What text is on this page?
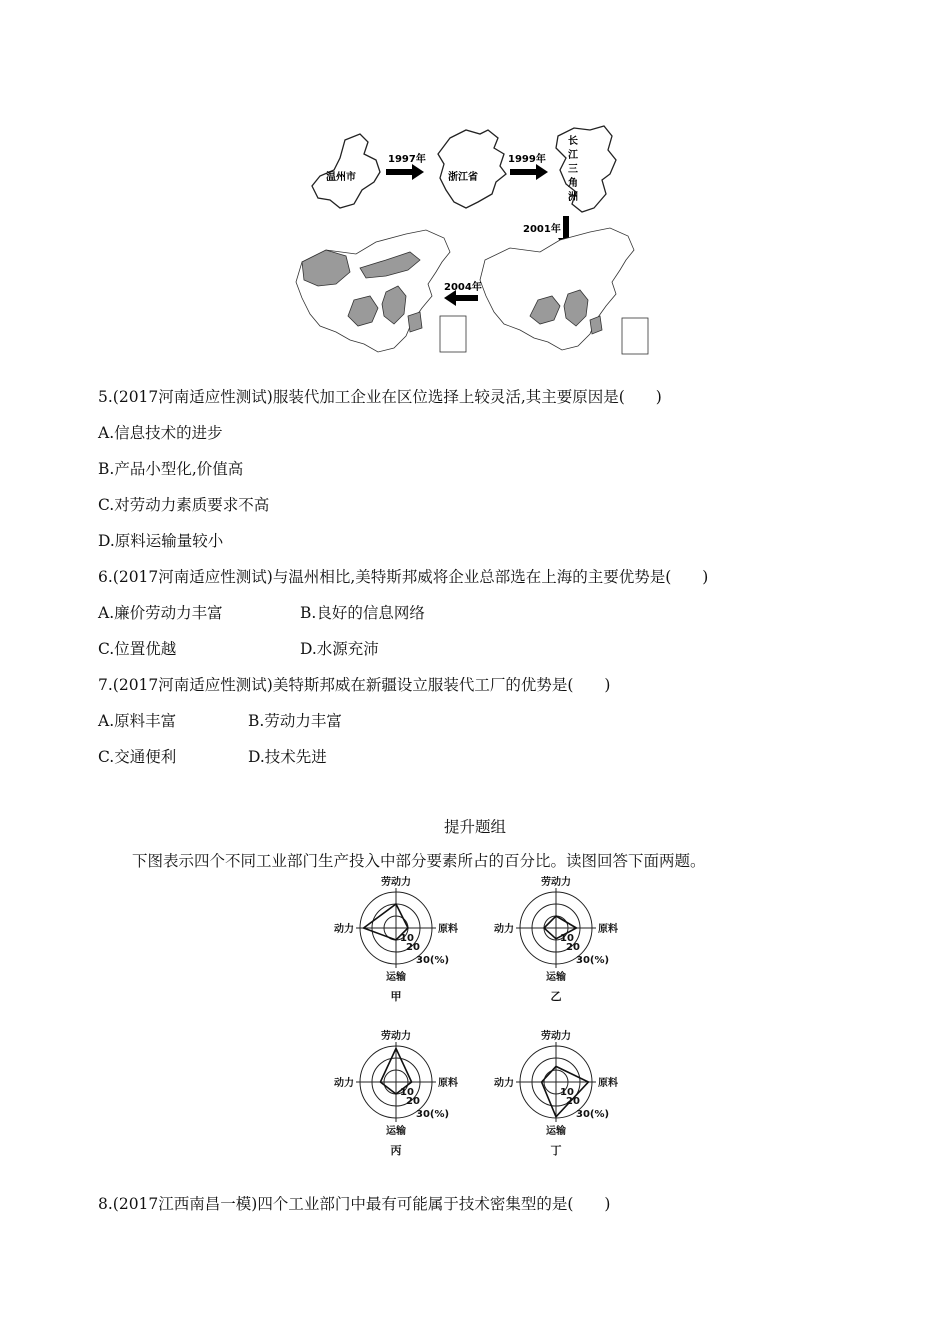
温州市
1997年
浙江省
1999年
长
江
三
角
洲
2001年
2004年
5.(2017河南适应性测试)服装代加工企业在区位选择上较灵活,其主要原因是(　　)
A.信息技术的进步
B.产品小型化,价值高
C.对劳动力素质要求不高
D.原料运输量较小
6.(2017河南适应性测试)与温州相比,美特斯邦威将企业总部选在上海的主要优势是(　　)
A.廉价劳动力丰富	B.良好的信息网络
C.位置优越	D.水源充沛
7.(2017河南适应性测试)美特斯邦威在新疆设立服装代工厂的优势是(　　)
A.原料丰富	B.劳动力丰富
C.交通便利	D.技术先进
提升题组
下图表示四个不同工业部门生产投入中部分要素所占的百分比。读图回答下面两题。
劳动力
原料
运输
动力
10
20
30(%)
甲
劳动力
原料
运输
动力
10
20
30(%)
乙
劳动力
原料
运输
动力
10
20
30(%)
丙
劳动力
原料
运输
动力
10
20
30(%)
丁
8.(2017江西南昌一模)四个工业部门中最有可能属于技术密集型的是(　　)
